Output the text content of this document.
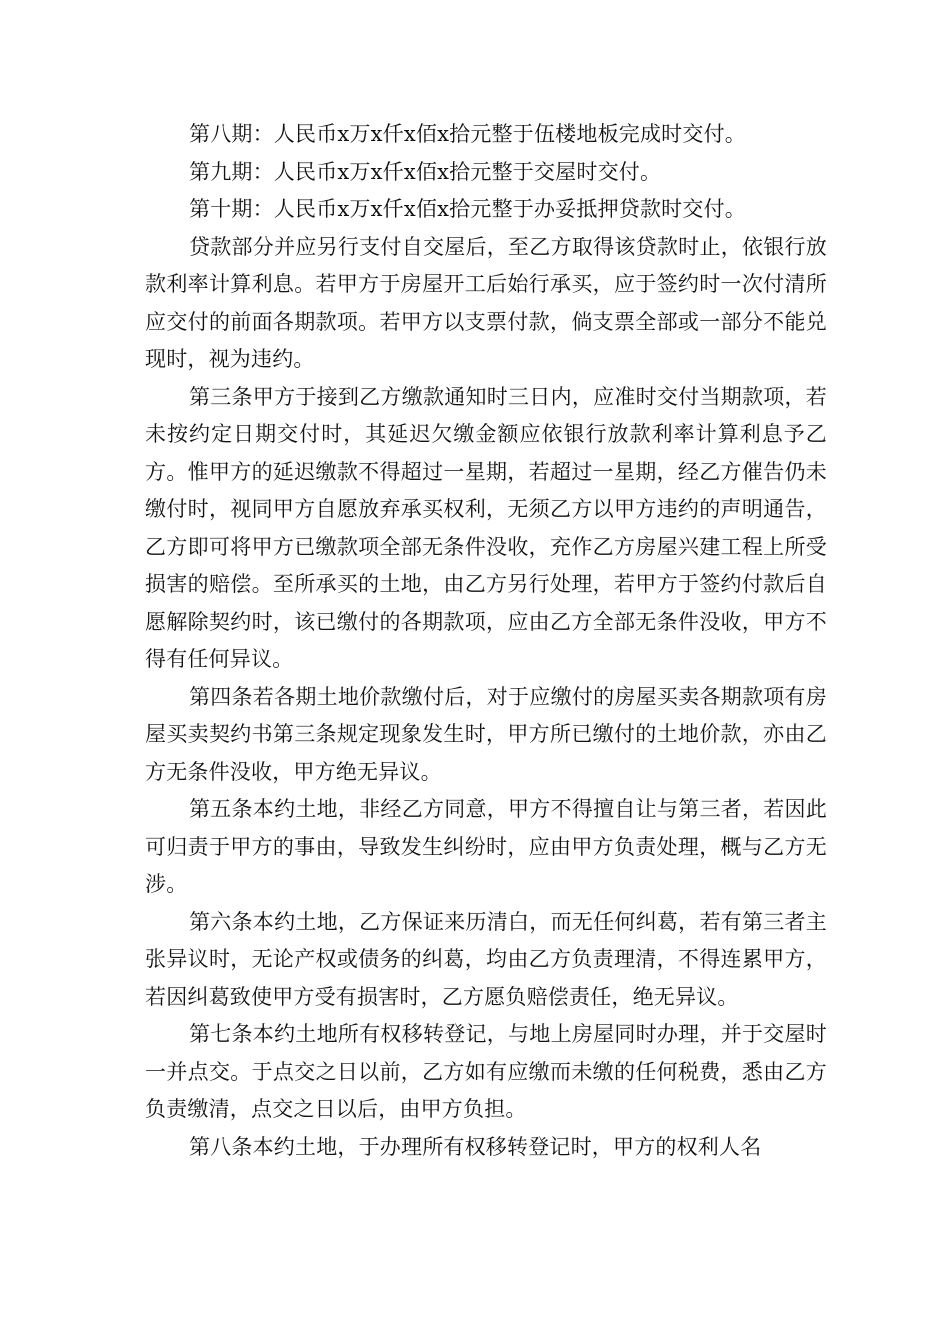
第八期：人民币x万x仟x佰x拾元整于伍楼地板完成时交付。

第九期：人民币x万x仟x佰x拾元整于交屋时交付。

第十期：人民币x万x仟x佰x拾元整于办妥抵押贷款时交付。

贷款部分并应另行支付自交屋后，至乙方取得该贷款时止，依银行放款利率计算利息。若甲方于房屋开工后始行承买，应于签约时一次付清所应交付的前面各期款项。若甲方以支票付款，倘支票全部或一部分不能兑现时，视为违约。

第三条甲方于接到乙方缴款通知时三日内，应准时交付当期款项，若未按约定日期交付时，其延迟欠缴金额应依银行放款利率计算利息予乙方。惟甲方的延迟缴款不得超过一星期，若超过一星期，经乙方催告仍未缴付时，视同甲方自愿放弃承买权利，无须乙方以甲方违约的声明通告，乙方即可将甲方已缴款项全部无条件没收，充作乙方房屋兴建工程上所受损害的赔偿。至所承买的土地，由乙方另行处理，若甲方于签约付款后自愿解除契约时，该已缴付的各期款项，应由乙方全部无条件没收，甲方不得有任何异议。

第四条若各期土地价款缴付后，对于应缴付的房屋买卖各期款项有房屋买卖契约书第三条规定现象发生时，甲方所已缴付的土地价款，亦由乙方无条件没收，甲方绝无异议。

第五条本约土地，非经乙方同意，甲方不得擅自让与第三者，若因此可归责于甲方的事由，导致发生纠纷时，应由甲方负责处理，概与乙方无涉。

第六条本约土地，乙方保证来历清白，而无任何纠葛，若有第三者主张异议时，无论产权或债务的纠葛，均由乙方负责理清，不得连累甲方，若因纠葛致使甲方受有损害时，乙方愿负赔偿责任，绝无异议。

第七条本约土地所有权移转登记，与地上房屋同时办理，并于交屋时一并点交。于点交之日以前，乙方如有应缴而未缴的任何税费，悉由乙方负责缴清，点交之日以后，由甲方负担。

第八条本约土地，于办理所有权移转登记时，甲方的权利人名
